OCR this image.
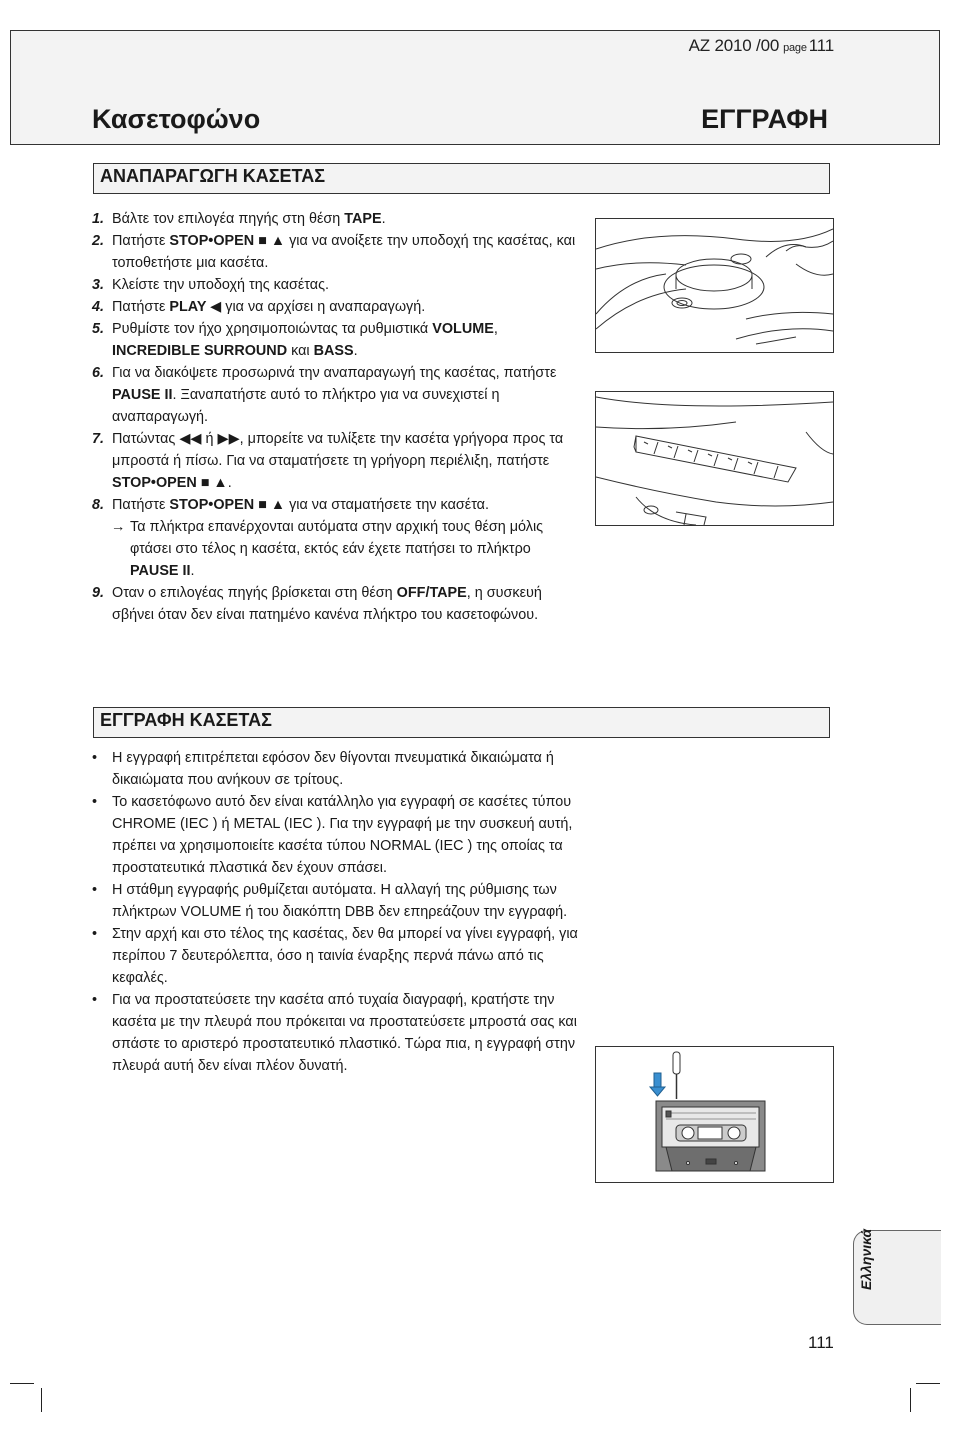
AZ 2010 /00 page 111
Κασετοφώνο	ΕΓΓΡΑΦΗ
ΑΝΑΠΑΡΑΓΩΓΗ ΚΑΣΕΤΑΣ
1. Βάλτε τον επιλογέα πηγής στη θέση TAPE.
2. Πατήστε STOP•OPEN ■ ▲ για να ανοίξετε την υποδοχή της κασέτας, και τοποθετήστε μια κασέτα.
3. Κλείστε την υποδοχή της κασέτας.
4. Πατήστε PLAY ◀ για να αρχίσει η αναπαραγωγή.
5. Ρυθμίστε τον ήχο χρησιμοποιώντας τα ρυθμιστικά VOLUME, INCREDIBLE SURROUND και BASS.
6. Για να διακόψετε προσωρινά την αναπαραγωγή της κασέτας, πατήστε PAUSE II. Ξαναπατήστε αυτό το πλήκτρο για να συνεχιστεί η αναπαραγωγή.
7. Πατώντας ◀◀ ή ▶▶, μπορείτε να τυλίξετε την κασέτα γρήγορα προς τα μπροστά ή πίσω. Για να σταματήσετε τη γρήγορη περιέλιξη, πατήστε STOP•OPEN ■ ▲.
8. Πατήστε STOP•OPEN ■ ▲ για να σταματήσετε την κασέτα.
→ Τα πλήκτρα επανέρχονται αυτόματα στην αρχική τους θέση μόλις φτάσει στο τέλος η κασέτα, εκτός εάν έχετε πατήσει το πλήκτρο PAUSE II.
9. Οταν ο επιλογέας πηγής βρίσκεται στη θέση OFF/TAPE, η συσκευή σβήνει όταν δεν είναι πατημένο κανένα πλήκτρο του κασετοφώνου.
ΕΓΓΡΑΦΗ ΚΑΣΕΤΑΣ
• Η εγγραφή επιτρέπεται εφόσον δεν θίγονται πνευματικά δικαιώματα ή δικαιώματα που ανήκουν σε τρίτους.
• Το κασετόφωνο αυτό δεν είναι κατάλληλο για εγγραφή σε κασέτες τύπου CHROME (IEC ) ή METAL (IEC ). Για την εγγραφή με την συσκευή αυτή, πρέπει να χρησιμοποιείτε κασέτα τύπου NORMAL (IEC ) της οποίας τα προστατευτικά πλαστικά δεν έχουν σπάσει.
• Η στάθμη εγγραφής ρυθμίζεται αυτόματα. Η αλλαγή της ρύθμισης των πλήκτρων VOLUME ή του διακόπτη DBB δεν επηρεάζουν την εγγραφή.
• Στην αρχή και στο τέλος της κασέτας, δεν θα μπορεί να γίνει εγγραφή, για περίπου 7 δευτερόλεπτα, όσο η ταινία έναρξης περνά πάνω από τις κεφαλές.
• Για να προστατεύσετε την κασέτα από τυχαία διαγραφή, κρατήστε την κασέτα με την πλευρά που πρόκειται να προστατεύσετε μπροστά σας και σπάστε το αριστερό προστατευτικό πλαστικό. Τώρα πια, η εγγραφή στην πλευρά αυτή δεν είναι πλέον δυνατή.
Ελληνικά
111
